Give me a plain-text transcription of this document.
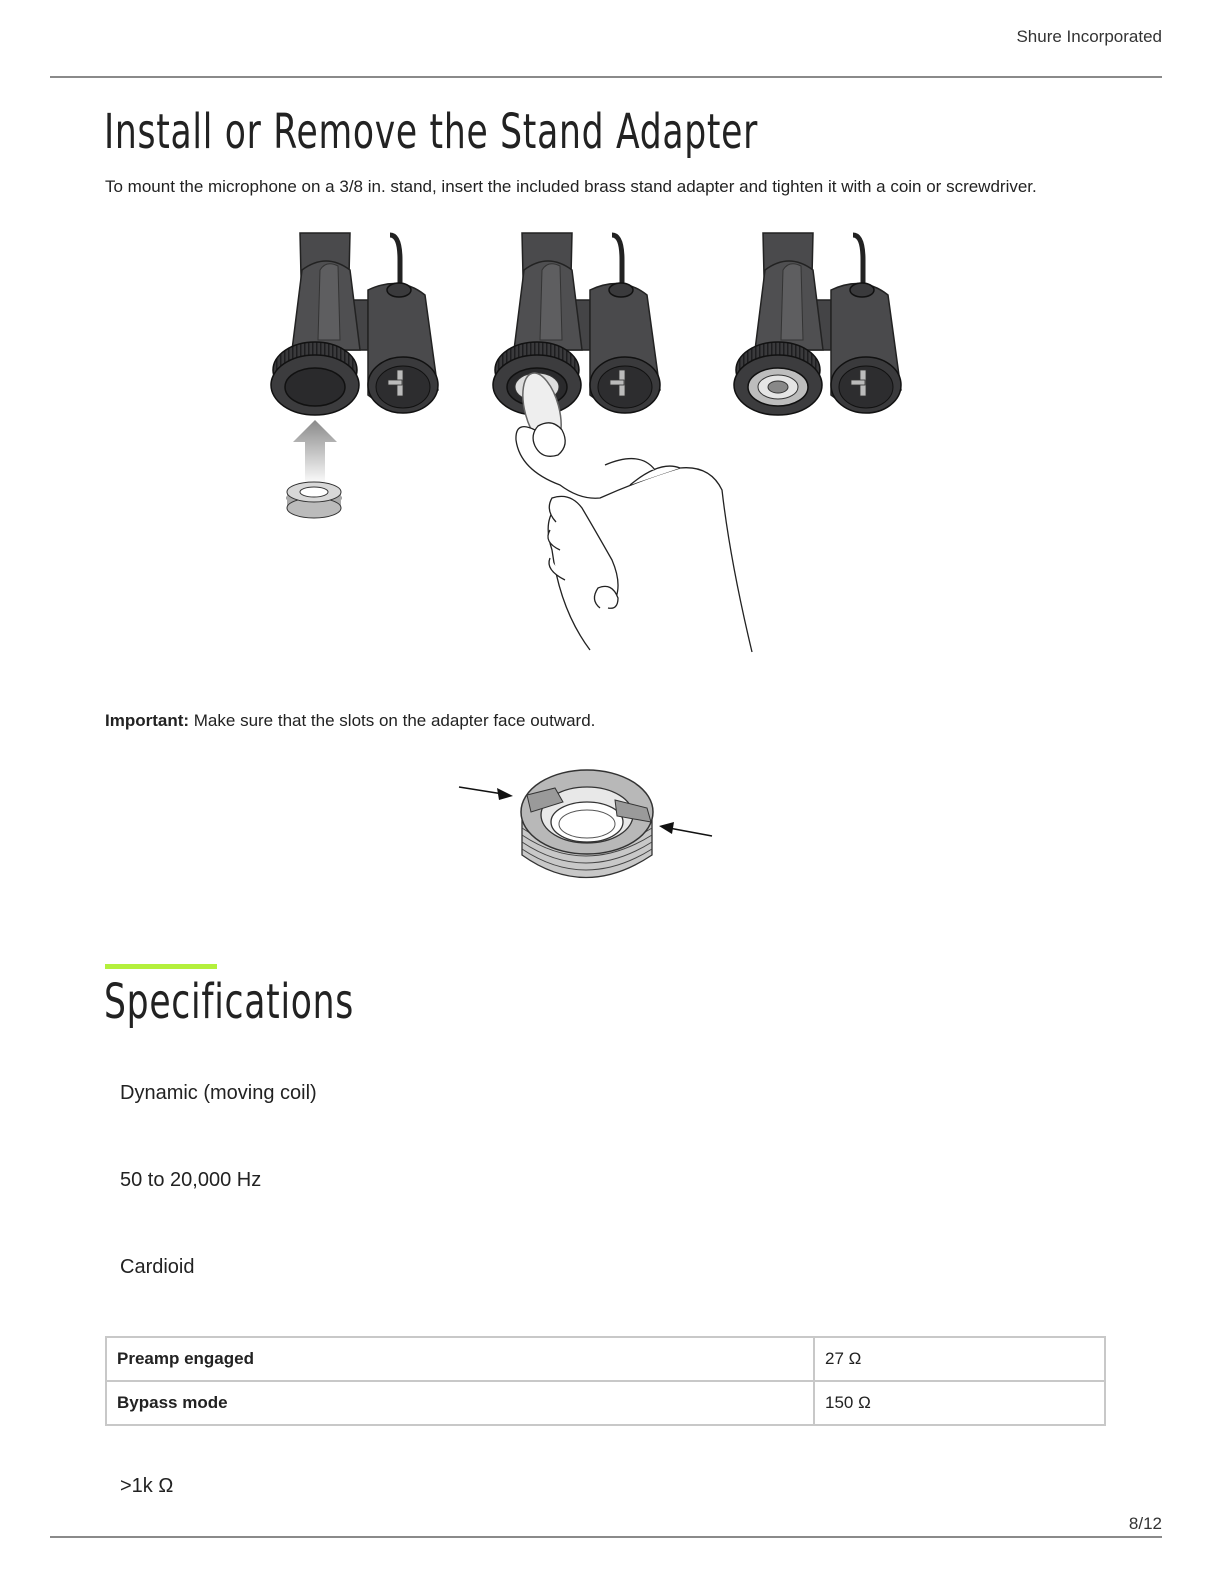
Shure Incorporated
Install or Remove the Stand Adapter
To mount the microphone on a 3/8 in. stand, insert the included brass stand adapter and tighten it with a coin or screwdriver.
Important: Make sure that the slots on the adapter face outward.
Specifications
Dynamic (moving coil)
50 to 20,000 Hz
Cardioid
Preamp engaged	27 Ω
Bypass mode	150 Ω
>1k Ω
8/12
